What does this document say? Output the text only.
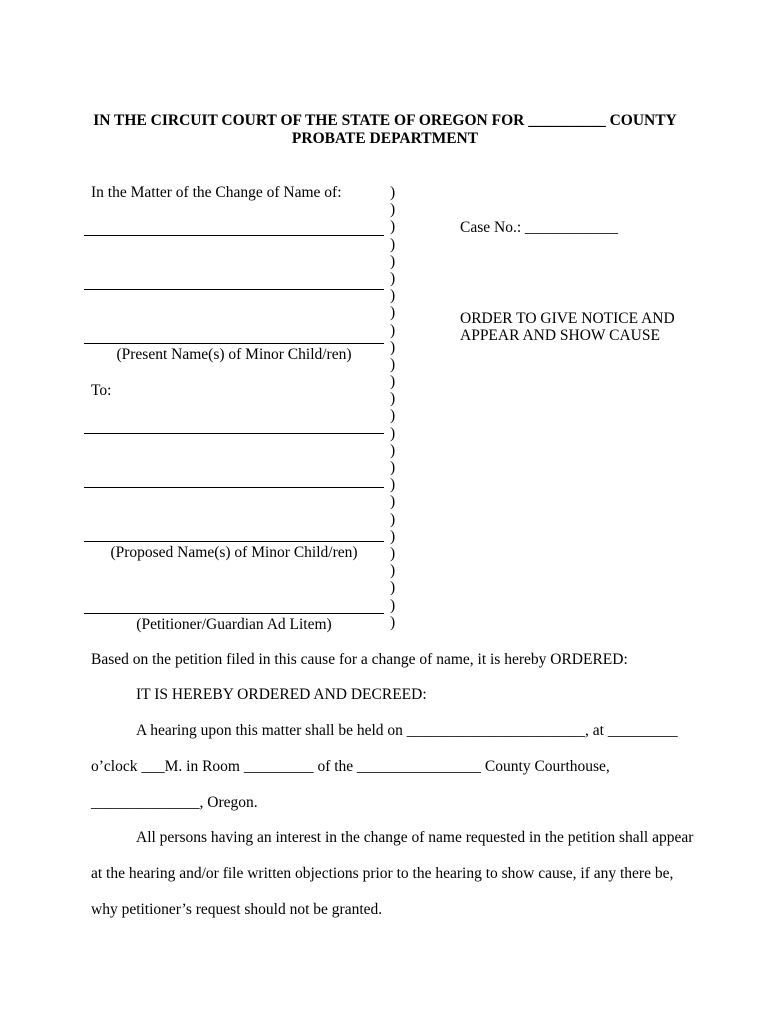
IN THE CIRCUIT COURT OF THE STATE OF OREGON FOR __________ COUNTY
PROBATE DEPARTMENT
In the Matter of the Change of Name of:
(Present Name(s) of Minor Child/ren)
To:
(Proposed Name(s) of Minor Child/ren)
(Petitioner/Guardian Ad Litem)
)
)
)
)
)
)
)
)
)
)
)
)
)
)
)
)
)
)
)
)
)
)
)
)
)
)
Case No.: ____________
ORDER TO GIVE NOTICE AND
APPEAR AND SHOW CAUSE
Based on the petition filed in this cause for a change of name, it is hereby ORDERED:
IT IS HEREBY ORDERED AND DECREED:
A hearing upon this matter shall be held on _______________________, at _________
o’clock ___M. in Room _________ of the ________________ County Courthouse,
______________, Oregon.
All persons having an interest in the change of name requested in the petition shall appear
at the hearing and/or file written objections prior to the hearing to show cause, if any there be,
why petitioner’s request should not be granted.
